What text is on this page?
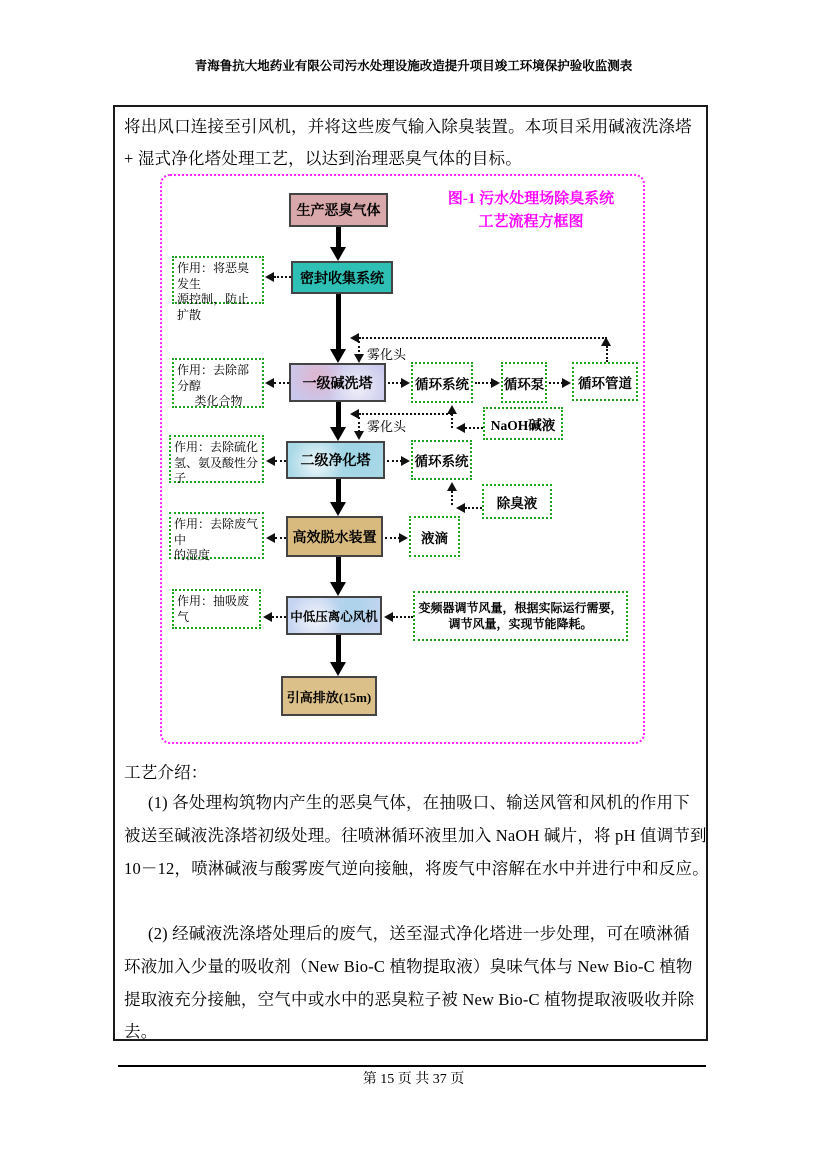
青海鲁抗大地药业有限公司污水处理设施改造提升项目竣工环境保护验收监测表
将出风口连接至引风机，并将这些废气输入除臭装置。本项目采用碱液洗涤塔
+ 湿式净化塔处理工艺，以达到治理恶臭气体的目标。
图-1 污水处理场除臭系统
工艺流程方框图
生产恶臭气体
密封收集系统
一级碱洗塔
二级净化塔
高效脱水装置
中低压离心风机
引高排放(15m)
作用：将恶臭发生
源控制，防止扩散
作用：去除部分醇
类化合物
作用：去除硫化
氢、氨及酸性分子
作用：去除废气中
的湿度
作用：抽吸废气
循环系统	循环泵	循环管道
NaOH碱液
循环系统
除臭液
液滴
变频器调节风量，根据实际运行需要，
调节风量，实现节能降耗。
雾化头
雾化头
工艺介绍：
(1) 各处理构筑物内产生的恶臭气体，在抽吸口、输送风管和风机的作用下
被送至碱液洗涤塔初级处理。往喷淋循环液里加入 NaOH 碱片，将 pH 值调节到
10－12，喷淋碱液与酸雾废气逆向接触，将废气中溶解在水中并进行中和反应。
(2) 经碱液洗涤塔处理后的废气，送至湿式净化塔进一步处理，可在喷淋循
环液加入少量的吸收剂（New Bio-C 植物提取液）臭味气体与 New Bio-C 植物
提取液充分接触，空气中或水中的恶臭粒子被 New Bio-C 植物提取液吸收并除
去。
第 15 页 共 37 页
